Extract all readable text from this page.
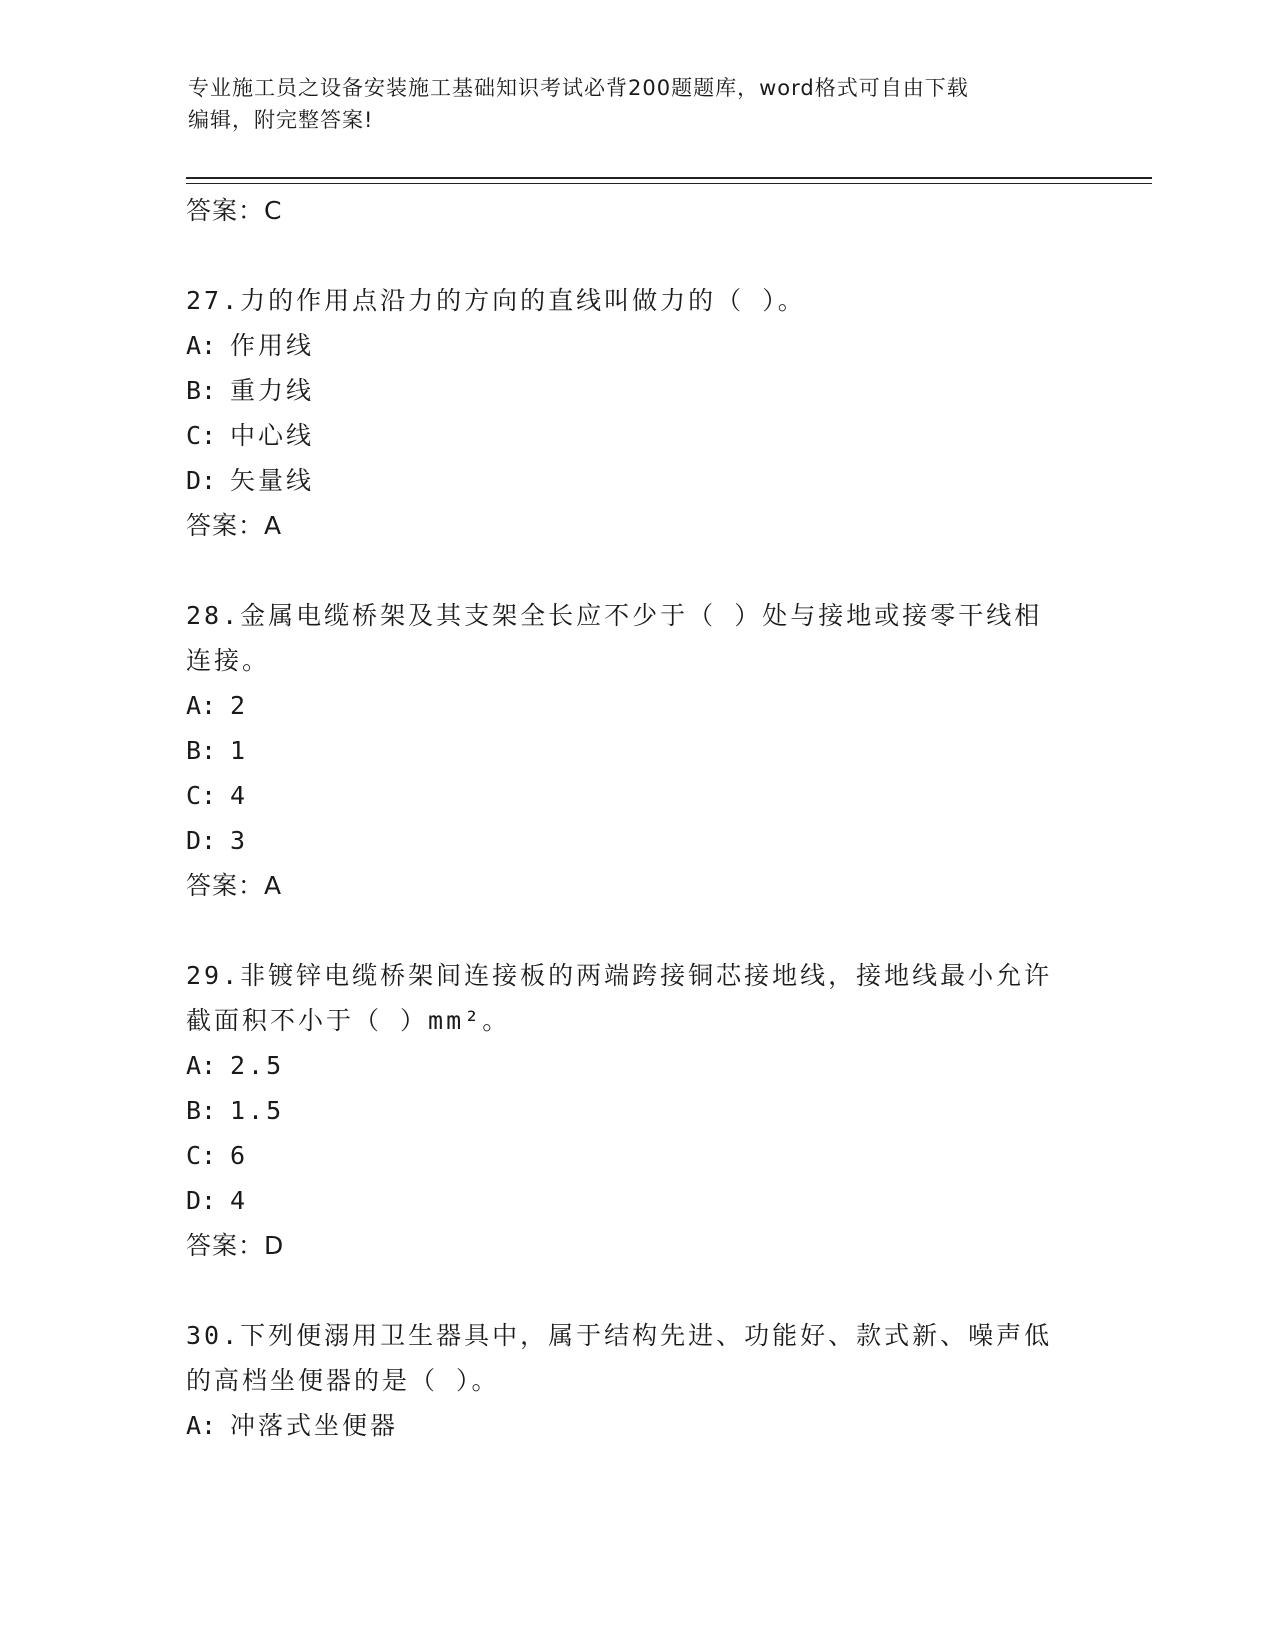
专业施工员之设备安装施工基础知识考试必背200题题库，word格式可自由下载
编辑，附完整答案!
答案：C
27.力的作用点沿力的方向的直线叫做力的（ ）。
A: 作用线
B: 重力线
C: 中心线
D: 矢量线
答案：A
28.金属电缆桥架及其支架全长应不少于（ ）处与接地或接零干线相
连接。
A: 2
B: 1
C: 4
D: 3
答案：A
29.非镀锌电缆桥架间连接板的两端跨接铜芯接地线，接地线最小允许
截面积不小于（ ）mm²。
A: 2.5
B: 1.5
C: 6
D: 4
答案：D
30.下列便溺用卫生器具中，属于结构先进、功能好、款式新、噪声低
的高档坐便器的是（ ）。
A: 冲落式坐便器
